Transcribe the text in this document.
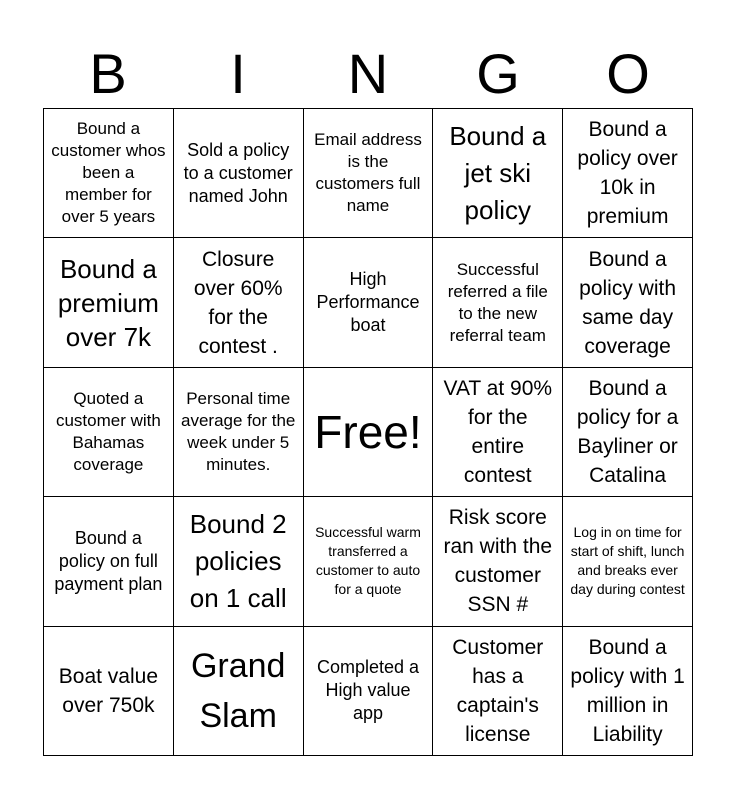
B	I	N	G	O
Bound a customer whos been a member for over 5 years
Sold a policy to a customer named John
Email address is the customers full name
Bound a jet ski policy
Bound a policy over 10k in premium
Bound a premium over 7k
Closure over 60% for the contest .
High Performance boat
Successful referred a file to the new referral team
Bound a policy with same day coverage
Quoted a customer with Bahamas coverage
Personal time average for the week under 5 minutes.
Free!
VAT at 90% for the entire contest
Bound a policy for a Bayliner or Catalina
Bound a policy on full payment plan
Bound 2 policies on 1 call
Successful warm transferred a customer to auto for a quote
Risk score ran with the customer SSN #
Log in on time for start of shift, lunch and breaks ever day during contest
Boat value over 750k
Grand Slam
Completed a High value app
Customer has a captain's license
Bound a policy with 1 million in Liability
